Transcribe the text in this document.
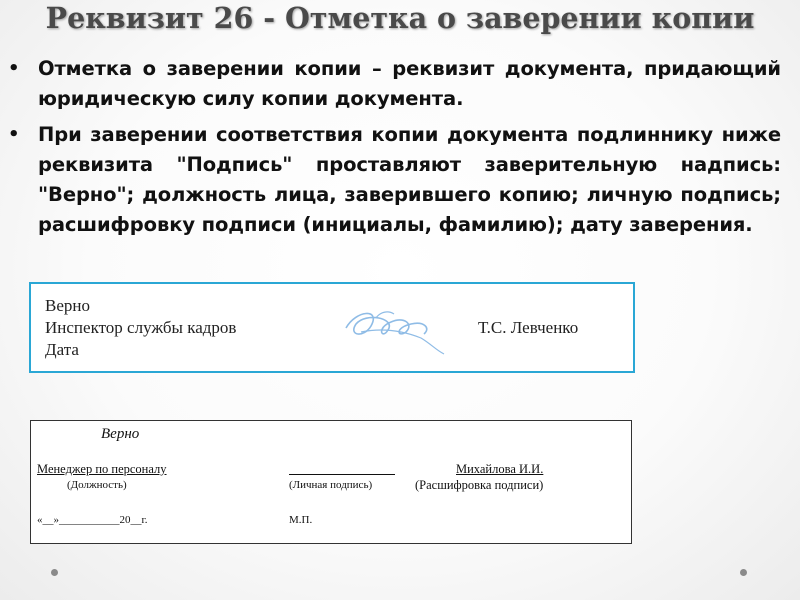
Реквизит 26 - Отметка о заверении копии
• Отметка о заверении копии – реквизит документа, придающий юридическую силу копии документа.
• При заверении соответствия копии документа подлиннику ниже реквизита "Подпись" проставляют заверительную надпись: "Верно"; должность лица, заверившего копию; личную подпись; расшифровку подписи (инициалы, фамилию); дату заверения.
Верно
Инспектор службы кадров
Дата
Т.С. Левченко
Верно
Менеджер по персоналу
(Должность)	(Личная подпись)
Михайлова И.И.
(Расшифровка подписи)
«__»___________20__г.	М.П.
